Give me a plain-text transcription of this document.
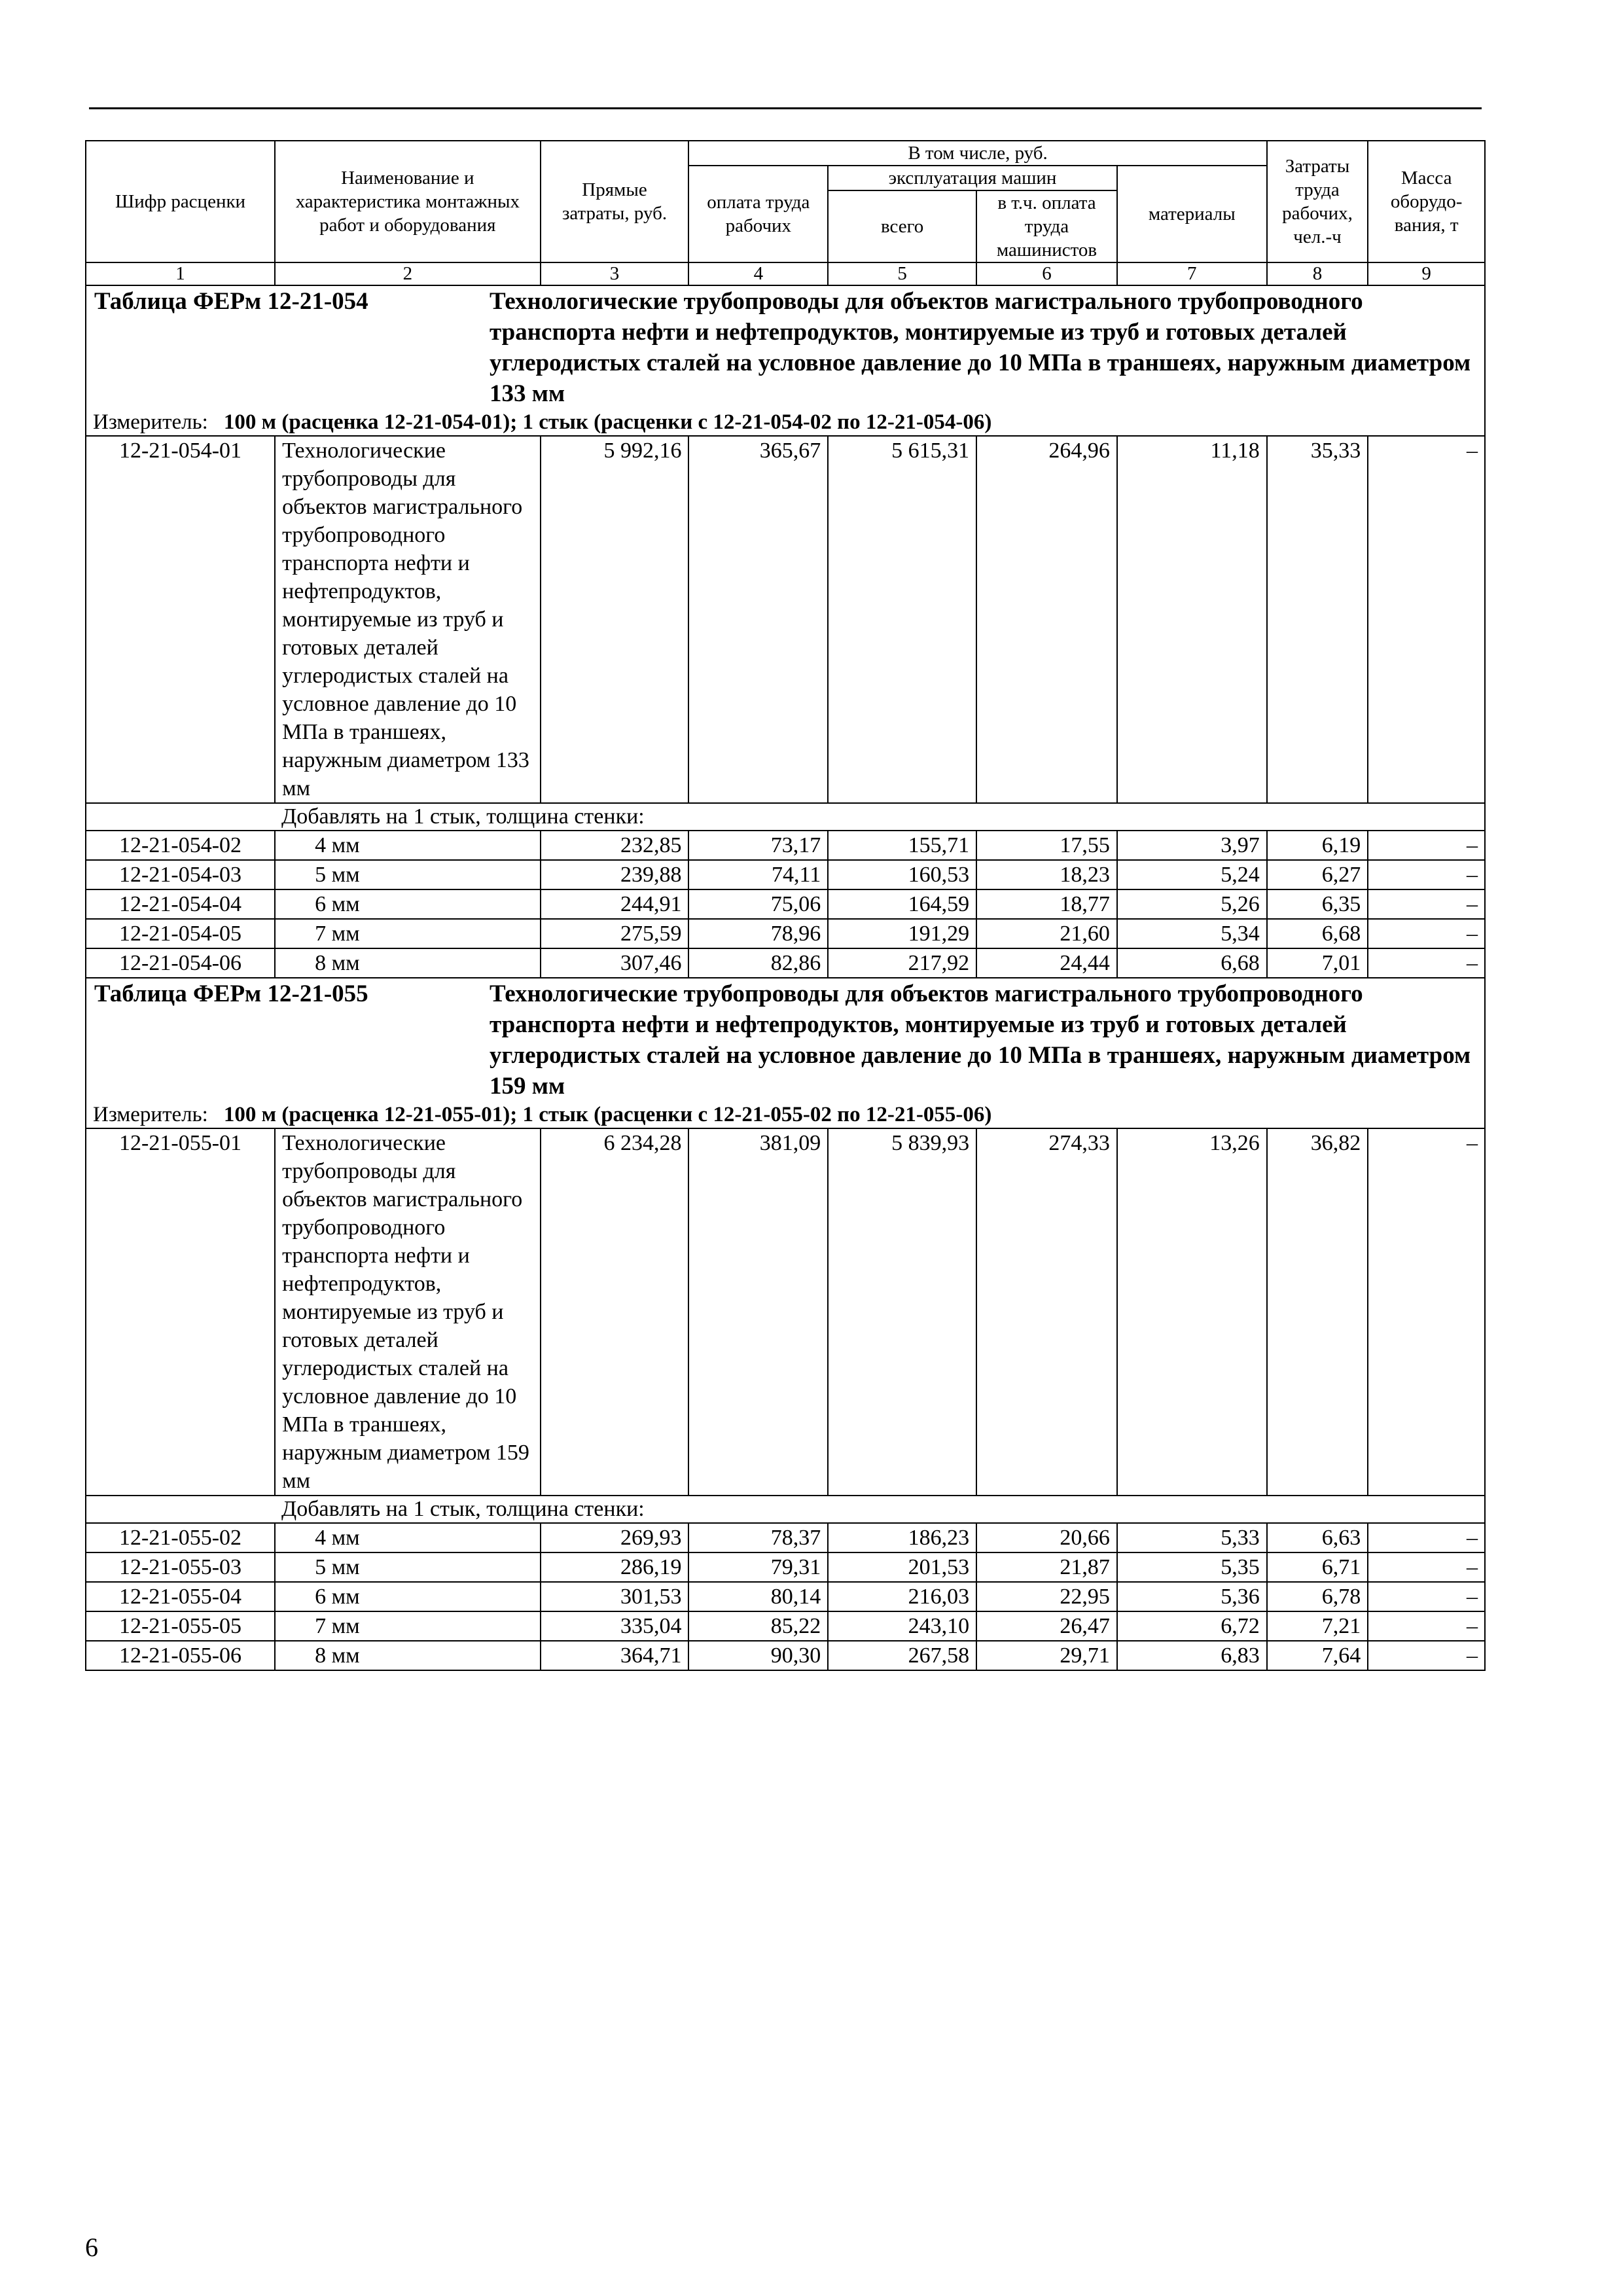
Шифр расценки	Наименование и характеристика монтажных работ и оборудования	Прямые затраты, руб.	В том числе, руб.				Затраты труда рабочих, чел.-ч	Масса оборудо-вания, т
			оплата труда рабочих	эксплуатация машин		материалы		
				всего	в т.ч. оплата труда машинистов			
1	2	3	4	5	6	7	8	9

Таблица ФЕРм 12-21-054 Технологические трубопроводы для объектов магистрального трубопроводного транспорта нефти и нефтепродуктов, монтируемые из труб и готовых деталей углеродистых сталей на условное давление до 10 МПа в траншеях, наружным диаметром 133 мм								

Измеритель: 100 м (расценка 12-21-054-01); 1 стык (расценки с 12-21-054-02 по 12-21-054-06)								
12-21-054-01	Технологические трубопроводы для объектов магистрального трубопроводного транспорта нефти и нефтепродуктов, монтируемые из труб и готовых деталей углеродистых сталей на условное давление до 10 МПа в траншеях, наружным диаметром 133 мм	5 992,16	365,67	5 615,31	264,96	11,18	35,33	–
Добавлять на 1 стык, толщина стенки:								
12-21-054-02	4 мм	232,85	73,17	155,71	17,55	3,97	6,19	–
12-21-054-03	5 мм	239,88	74,11	160,53	18,23	5,24	6,27	–
12-21-054-04	6 мм	244,91	75,06	164,59	18,77	5,26	6,35	–
12-21-054-05	7 мм	275,59	78,96	191,29	21,60	5,34	6,68	–
12-21-054-06	8 мм	307,46	82,86	217,92	24,44	6,68	7,01	–

Таблица ФЕРм 12-21-055 Технологические трубопроводы для объектов магистрального трубопроводного транспорта нефти и нефтепродуктов, монтируемые из труб и готовых деталей углеродистых сталей на условное давление до 10 МПа в траншеях, наружным диаметром 159 мм								

Измеритель: 100 м (расценка 12-21-055-01); 1 стык (расценки с 12-21-055-02 по 12-21-055-06)								
12-21-055-01	Технологические трубопроводы для объектов магистрального трубопроводного транспорта нефти и нефтепродуктов, монтируемые из труб и готовых деталей углеродистых сталей на условное давление до 10 МПа в траншеях, наружным диаметром 159 мм	6 234,28	381,09	5 839,93	274,33	13,26	36,82	–
Добавлять на 1 стык, толщина стенки:								
12-21-055-02	4 мм	269,93	78,37	186,23	20,66	5,33	6,63	–
12-21-055-03	5 мм	286,19	79,31	201,53	21,87	5,35	6,71	–
12-21-055-04	6 мм	301,53	80,14	216,03	22,95	5,36	6,78	–
12-21-055-05	7 мм	335,04	85,22	243,10	26,47	6,72	7,21	–
12-21-055-06	8 мм	364,71	90,30	267,58	29,71	6,83	7,64	–
6
